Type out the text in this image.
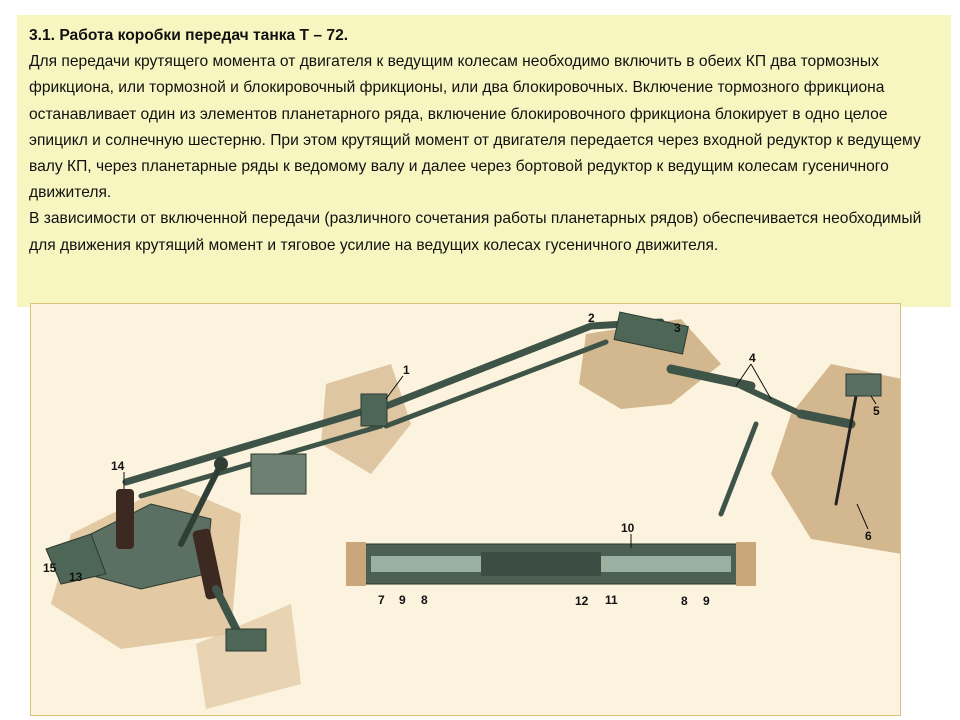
3.1. Работа коробки передач танка Т – 72.

Для передачи крутящего момента от двигателя к ведущим колесам необходимо включить в обеих КП два тормозных фрикциона, или тормозной и блокировочный фрикционы, или два блокировочных. Включение тормозного фрикциона останавливает один из элементов планетарного ряда, включение блокировочного фрикциона блокирует в одно целое эпицикл и солнечную шестерню. При этом крутящий момент от двигателя передается через входной редуктор к ведущему валу КП, через планетарные ряды к ведомому валу и далее через бортовой редуктор к ведущим колесам гусеничного движителя.

В зависимости от включенной передачи (различного сочетания работы планетарных рядов) обеспечивается необходимый для движения крутящий момент и тяговое усилие на ведущих колесах гусеничного движителя.

1
2
3
4
5
6
7 9 8
10
12 11	8 9
13
14
15
